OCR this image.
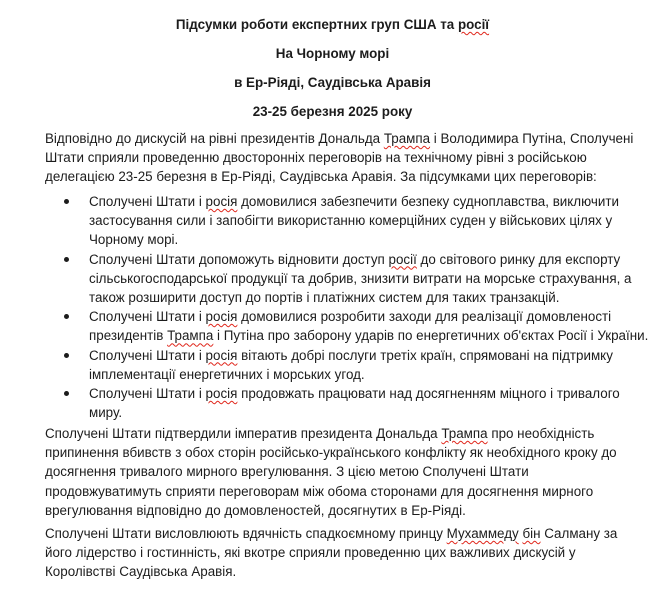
Підсумки роботи експертних груп США та росії

На Чорному морі

в Ер-Ріяді, Саудівська Аравія

23-25 березня 2025 року

Відповідно до дискусій на рівні президентів Дональда Трампа і Володимира Путіна, Сполучені Штати сприяли проведенню двосторонніх переговорів на технічному рівні з російською делегацією 23-25 березня в Ер-Ріяді, Саудівська Аравія. За підсумками цих переговорів:

Сполучені Штати і росія домовилися забезпечити безпеку судноплавства, виключити застосування сили і запобігти використанню комерційних суден у військових цілях у Чорному морі.
Сполучені Штати допоможуть відновити доступ росії до світового ринку для експорту сільськогосподарської продукції та добрив, знизити витрати на морське страхування, а також розширити доступ до портів і платіжних систем для таких транзакцій.
Сполучені Штати і росія домовилися розробити заходи для реалізації домовленості президентів Трампа і Путіна про заборону ударів по енергетичних об'єктах Росії і України.
Сполучені Штати і росія вітають добрі послуги третіх країн, спрямовані на підтримку імплементації енергетичних і морських угод.
Сполучені Штати і росія продовжать працювати над досягненням міцного і тривалого миру.

Сполучені Штати підтвердили імператив президента Дональда Трампа про необхідність припинення вбивств з обох сторін російсько-українського конфлікту як необхідного кроку до досягнення тривалого мирного врегулювання. З цією метою Сполучені Штати продовжуватимуть сприяти переговорам між обома сторонами для досягнення мирного врегулювання відповідно до домовленостей, досягнутих в Ер-Ріяді.

Сполучені Штати висловлюють вдячність спадкоємному принцу Мухаммеду бін Салману за його лідерство і гостинність, які вкотре сприяли проведенню цих важливих дискусій у Королівстві Саудівська Аравія.
